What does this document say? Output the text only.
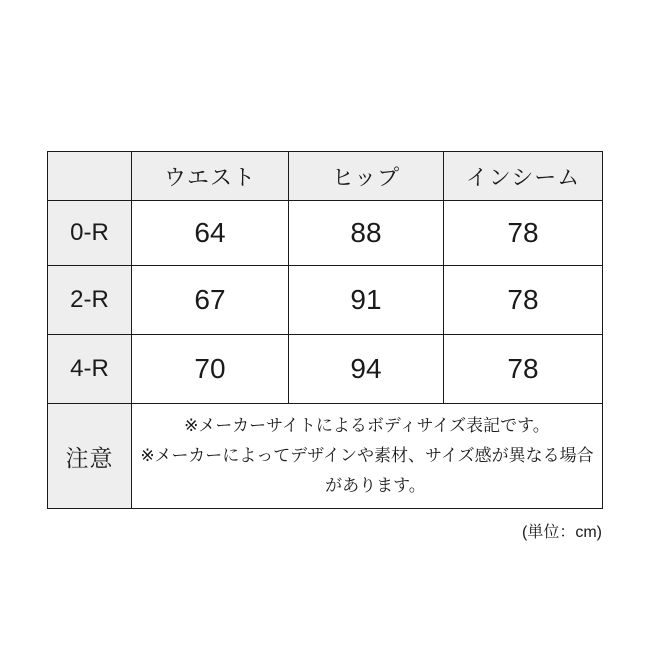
	ウエスト	ヒップ	インシーム
0-R	64	88	78
2-R	67	91	78
4-R	70	94	78
注意	※メーカーサイトによるボディサイズ表記です。
※メーカーによってデザインや素材、サイズ感が異なる場合があります。		
(単位：cm)
